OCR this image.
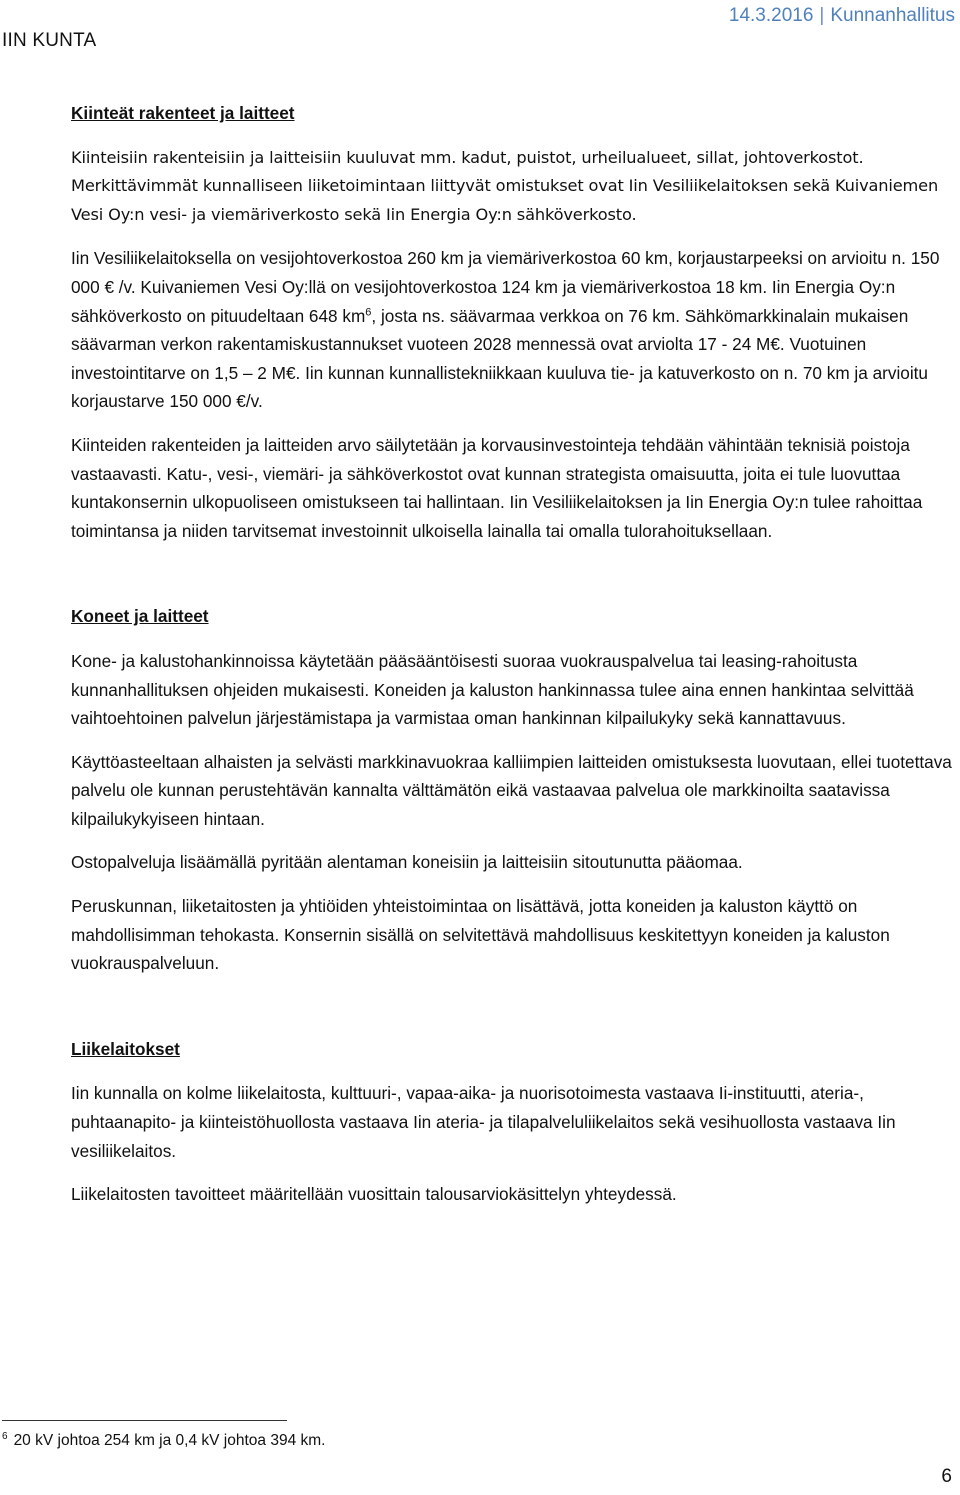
IIN KUNTA
14.3.2016 | Kunnanhallitus
Kiinteät rakenteet ja laitteet

Kiinteisiin rakenteisiin ja laitteisiin kuuluvat mm. kadut, puistot, urheilualueet, sillat, johtoverkostot. Merkittävimmät kunnalliseen liiketoimintaan liittyvät omistukset ovat Iin Vesiliikelaitoksen sekä Kuivaniemen Vesi Oy:n vesi- ja viemäriverkosto sekä Iin Energia Oy:n sähköverkosto.

Iin Vesiliikelaitoksella on vesijohtoverkostoa 260 km ja viemäriverkostoa 60 km, korjaustarpeeksi on arvioitu n. 150 000 € /v. Kuivaniemen Vesi Oy:llä on vesijohtoverkostoa 124 km ja viemäriverkostoa 18 km. Iin Energia Oy:n sähköverkosto on pituudeltaan 648 $km^6$, josta ns. säävarmaa verkkoa on 76 km. Sähkömarkkinalain mukaisen säävarman verkon rakentamiskustannukset vuoteen 2028 mennessä ovat arviolta 17 - 24 M€. Vuotuinen investointitarve on 1,5 – 2 M€. Iin kunnan kunnallistekniikkaan kuuluva tie- ja katuverkosto on n. 70 km ja arvioitu korjaustarve 150 000 €/v.

Kiinteiden rakenteiden ja laitteiden arvo säilytetään ja korvausinvestointeja tehdään vähintään teknisiä poistoja vastaavasti. Katu-, vesi-, viemäri- ja sähköverkostot ovat kunnan strategista omaisuutta, joita ei tule luovuttaa kuntakonsernin ulkopuoliseen omistukseen tai hallintaan. Iin Vesiliikelaitoksen ja Iin Energia Oy:n tulee rahoittaa toimintansa ja niiden tarvitsemat investoinnit ulkoisella lainalla tai omalla tulorahoituksellaan.

Koneet ja laitteet

Kone- ja kalustohankinnoissa käytetään pääsääntöisesti suoraa vuokrauspalvelua tai leasing-rahoitusta kunnanhallituksen ohjeiden mukaisesti. Koneiden ja kaluston hankinnassa tulee aina ennen hankintaa selvittää vaihtoehtoinen palvelun järjestämistapa ja varmistaa oman hankinnan kilpailukyky sekä kannattavuus.

Käyttöasteeltaan alhaisten ja selvästi markkinavuokraa kalliimpien laitteiden omistuksesta luovutaan, ellei tuotettava palvelu ole kunnan perustehtävän kannalta välttämätön eikä vastaavaa palvelua ole markkinoilta saatavissa kilpailukykyiseen hintaan.

Ostopalveluja lisäämällä pyritään alentaman koneisiin ja laitteisiin sitoutunutta pääomaa.

Peruskunnan, liiketaitosten ja yhtiöiden yhteistoimintaa on lisättävä, jotta koneiden ja kaluston käyttö on mahdollisimman tehokasta. Konsernin sisällä on selvitettävä mahdollisuus keskitettyyn koneiden ja kaluston vuokrauspalveluun.

Liikelaitokset

Iin kunnalla on kolme liikelaitosta, kulttuuri-, vapaa-aika- ja nuorisotoimesta vastaava Ii-instituutti, ateria-, puhtaanapito- ja kiinteistöhuollosta vastaava Iin ateria- ja tilapalveluliikelaitos sekä vesihuollosta vastaava Iin vesiliikelaitos.

Liikelaitosten tavoitteet määritellään vuosittain talousarviokäsittelyn yhteydessä.

$^6$ 20 kV johtoa 254 km ja 0,4 kV johtoa 394 km.
6
